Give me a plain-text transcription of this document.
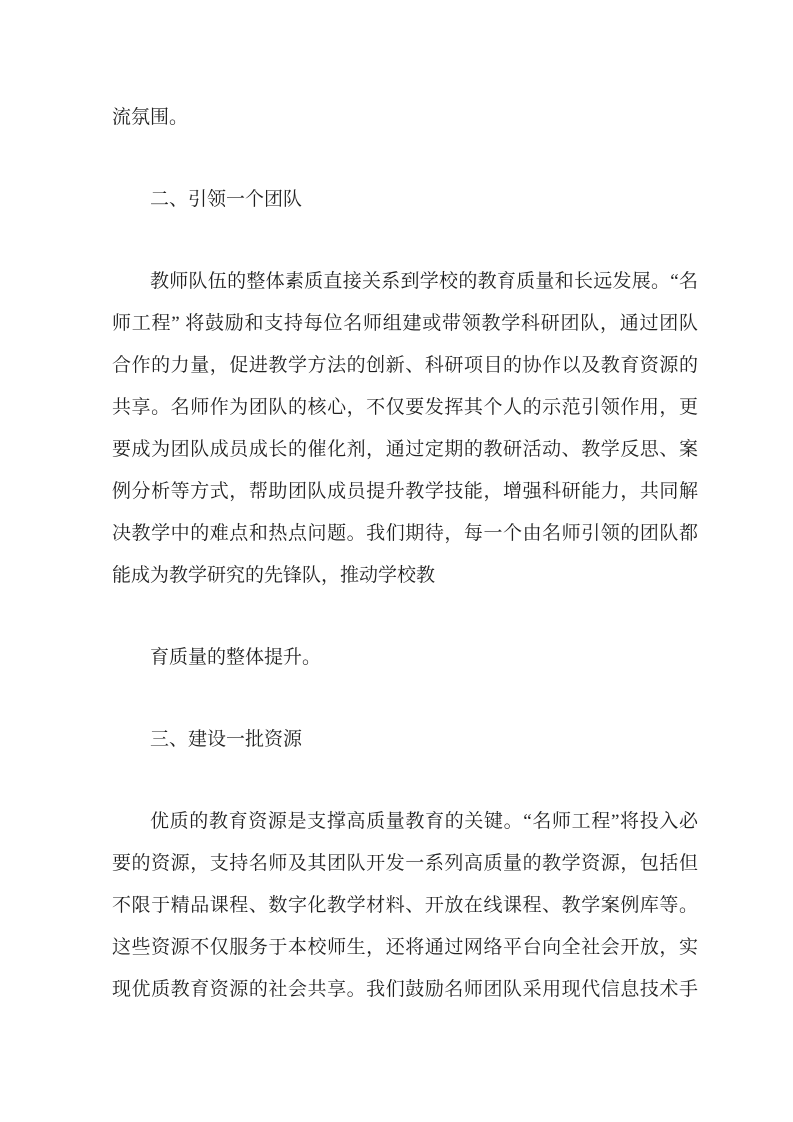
流氛围。
二、引领一个团队
教师队伍的整体素质直接关系到学校的教育质量和长远发展。“名
师工程” 将鼓励和支持每位名师组建或带领教学科研团队，通过团队
合作的力量，促进教学方法的创新、科研项目的协作以及教育资源的
共享。名师作为团队的核心，不仅要发挥其个人的示范引领作用，更
要成为团队成员成长的催化剂，通过定期的教研活动、教学反思、案
例分析等方式，帮助团队成员提升教学技能，增强科研能力，共同解
决教学中的难点和热点问题。我们期待，每一个由名师引领的团队都
能成为教学研究的先锋队，推动学校教
育质量的整体提升。
三、建设一批资源
优质的教育资源是支撑高质量教育的关键。“名师工程”将投入必
要的资源，支持名师及其团队开发一系列高质量的教学资源，包括但
不限于精品课程、数字化教学材料、开放在线课程、教学案例库等。
这些资源不仅服务于本校师生，还将通过网络平台向全社会开放，实
现优质教育资源的社会共享。我们鼓励名师团队采用现代信息技术手
